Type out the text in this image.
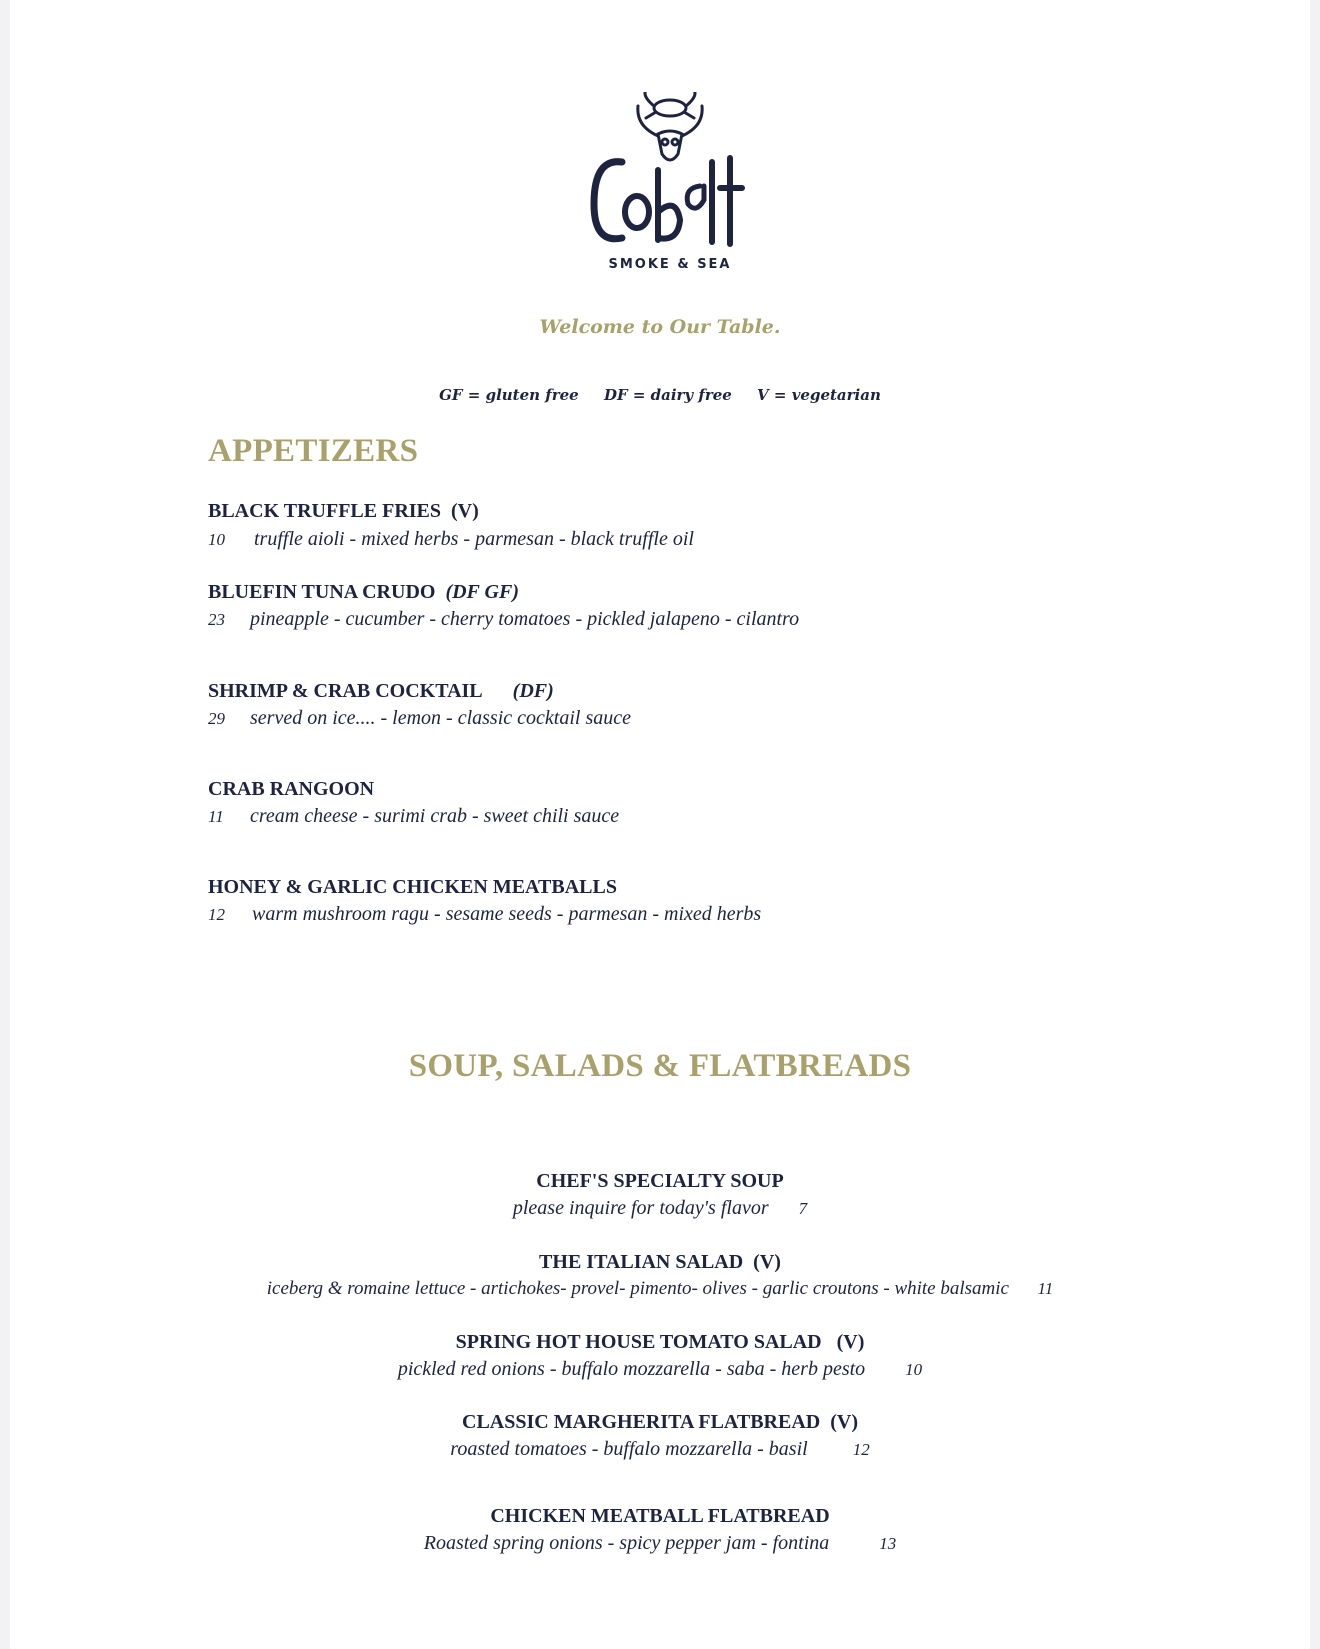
SMOKE & SEA
Welcome to Our Table.
GF = gluten free DF = dairy free V = vegetarian
APPETIZERS
BLACK TRUFFLE FRIES (V)
10 truffle aioli - mixed herbs - parmesan - black truffle oil
BLUEFIN TUNA CRUDO (DF GF)
23 pineapple - cucumber - cherry tomatoes - pickled jalapeno - cilantro
SHRIMP & CRAB COCKTAIL (DF)
29 served on ice.... - lemon - classic cocktail sauce
CRAB RANGOON
11 cream cheese - surimi crab - sweet chili sauce
HONEY & GARLIC CHICKEN MEATBALLS
12 warm mushroom ragu - sesame seeds - parmesan - mixed herbs
SOUP, SALADS & FLATBREADS
CHEF'S SPECIALTY SOUP
please inquire for today's flavor 7
THE ITALIAN SALAD (V)
iceberg & romaine lettuce - artichokes- provel- pimento- olives - garlic croutons - white balsamic 11
SPRING HOT HOUSE TOMATO SALAD (V)
pickled red onions - buffalo mozzarella - saba - herb pesto 10
CLASSIC MARGHERITA FLATBREAD (V)
roasted tomatoes - buffalo mozzarella - basil	12
CHICKEN MEATBALL FLATBREAD
Roasted spring onions - spicy pepper jam - fontina	13
